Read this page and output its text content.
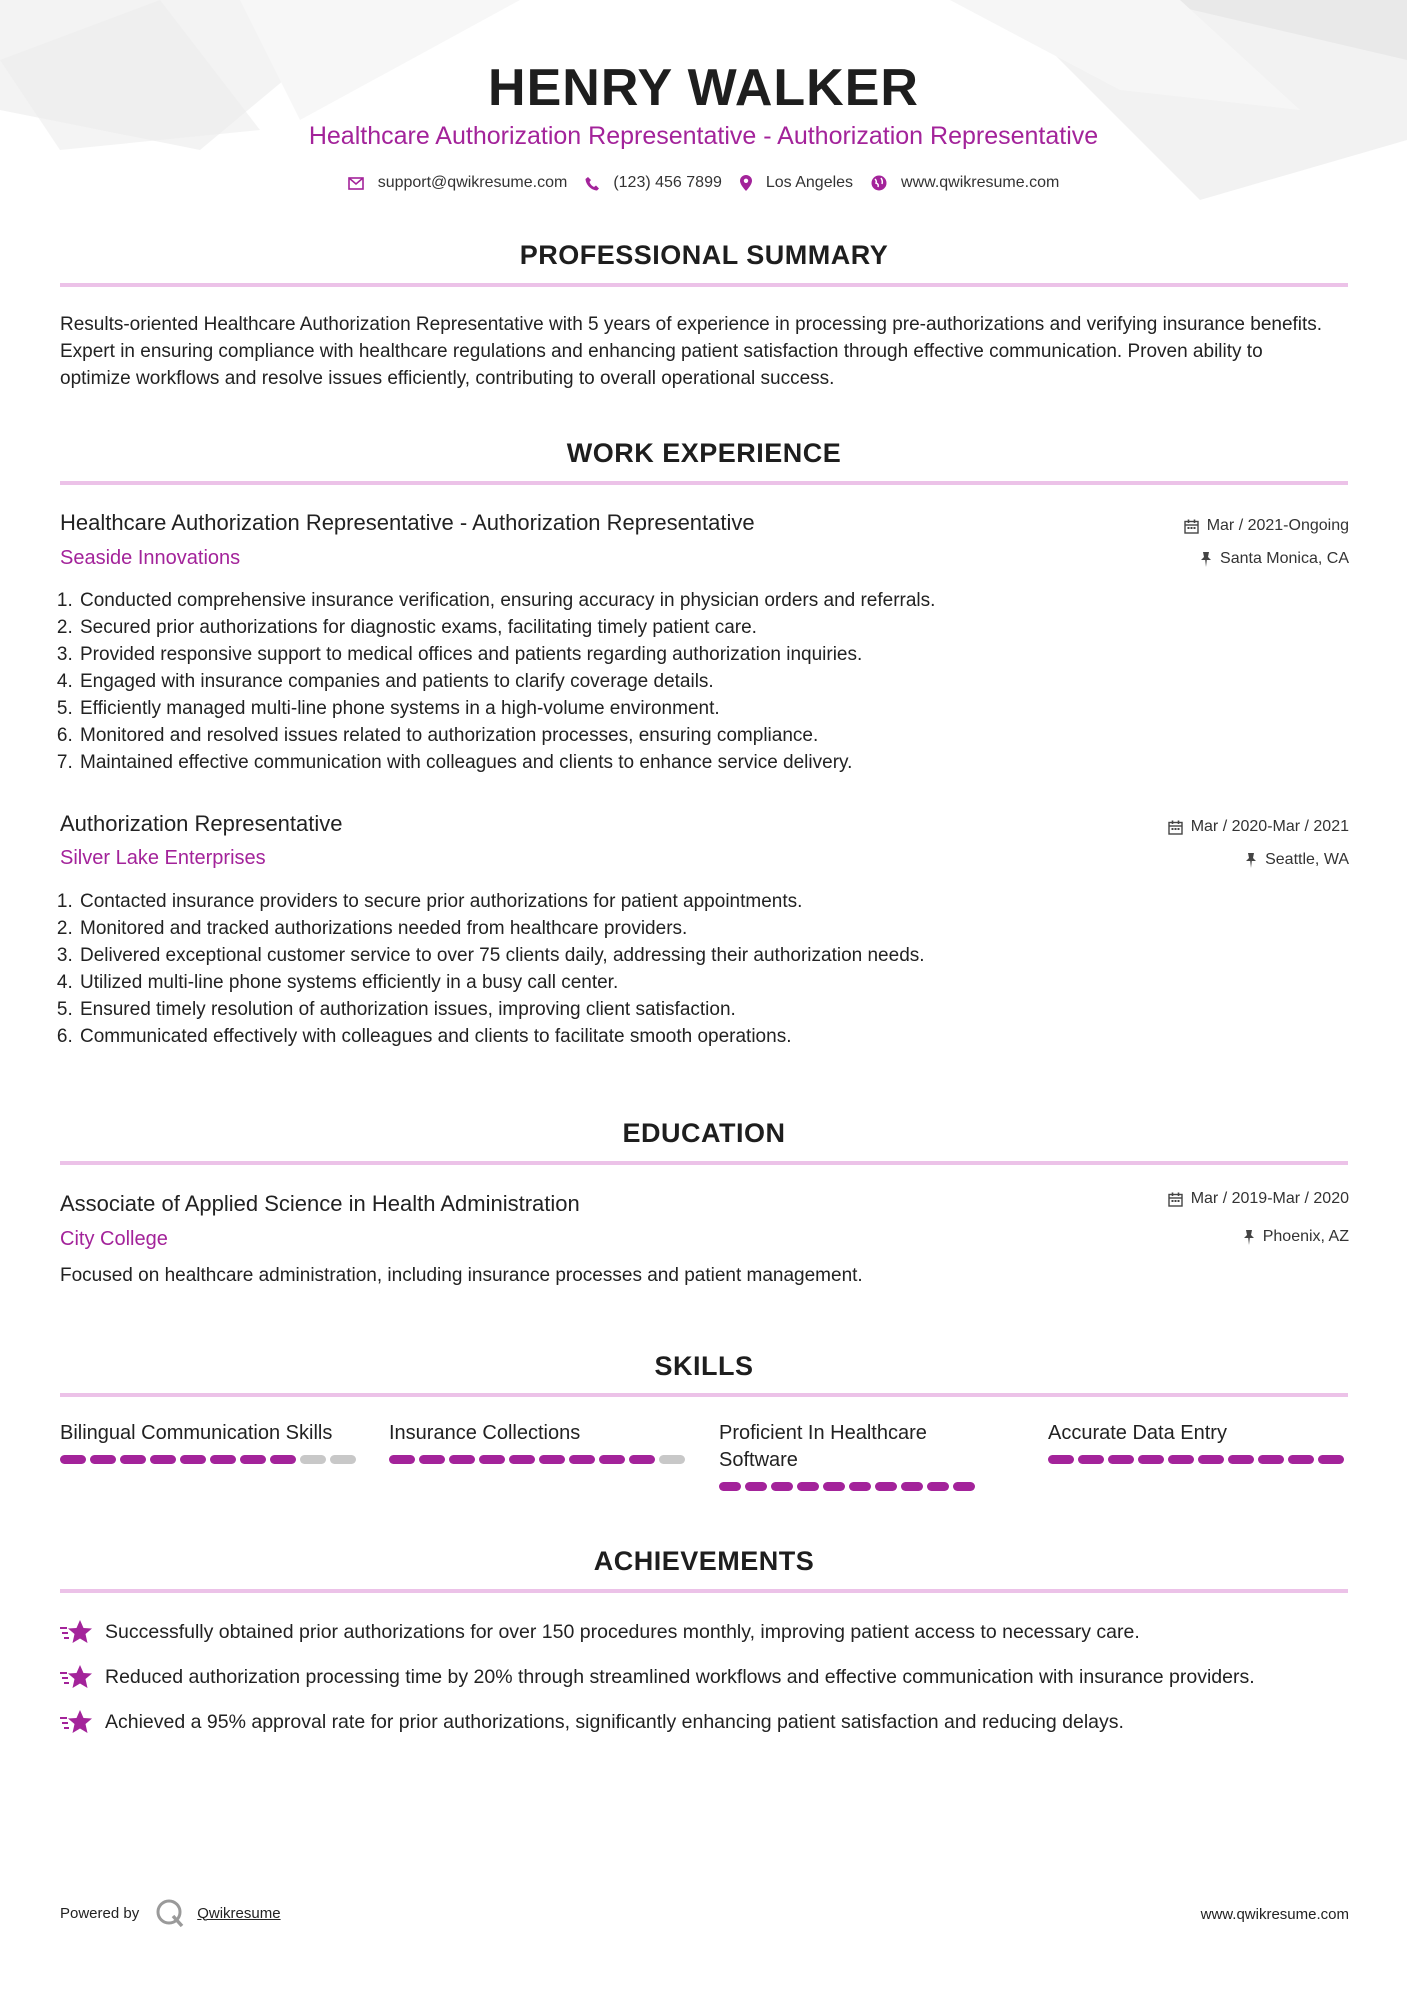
HENRY WALKER
Healthcare Authorization Representative - Authorization Representative
support@qwikresume.com	(123) 456 7899	Los Angeles	www.qwikresume.com
PROFESSIONAL SUMMARY
Results-oriented Healthcare Authorization Representative with 5 years of experience in processing pre-authorizations and verifying insurance benefits. Expert in ensuring compliance with healthcare regulations and enhancing patient satisfaction through effective communication. Proven ability to optimize workflows and resolve issues efficiently, contributing to overall operational success.
WORK EXPERIENCE
Healthcare Authorization Representative - Authorization Representative
Seaside Innovations
Mar / 2021-Ongoing
Santa Monica, CA
1. Conducted comprehensive insurance verification, ensuring accuracy in physician orders and referrals.
2. Secured prior authorizations for diagnostic exams, facilitating timely patient care.
3. Provided responsive support to medical offices and patients regarding authorization inquiries.
4. Engaged with insurance companies and patients to clarify coverage details.
5. Efficiently managed multi-line phone systems in a high-volume environment.
6. Monitored and resolved issues related to authorization processes, ensuring compliance.
7. Maintained effective communication with colleagues and clients to enhance service delivery.
Authorization Representative
Silver Lake Enterprises
Mar / 2020-Mar / 2021
Seattle, WA
1. Contacted insurance providers to secure prior authorizations for patient appointments.
2. Monitored and tracked authorizations needed from healthcare providers.
3. Delivered exceptional customer service to over 75 clients daily, addressing their authorization needs.
4. Utilized multi-line phone systems efficiently in a busy call center.
5. Ensured timely resolution of authorization issues, improving client satisfaction.
6. Communicated effectively with colleagues and clients to facilitate smooth operations.
EDUCATION
Associate of Applied Science in Health Administration
City College
Mar / 2019-Mar / 2020
Phoenix, AZ
Focused on healthcare administration, including insurance processes and patient management.
SKILLS
Bilingual Communication Skills	Insurance Collections	Proficient In Healthcare Software
Accurate Data Entry
ACHIEVEMENTS
Successfully obtained prior authorizations for over 150 procedures monthly, improving patient access to necessary care.
Reduced authorization processing time by 20% through streamlined workflows and effective communication with insurance providers.
Achieved a 95% approval rate for prior authorizations, significantly enhancing patient satisfaction and reducing delays.
Powered by	Qwikresume	www.qwikresume.com
